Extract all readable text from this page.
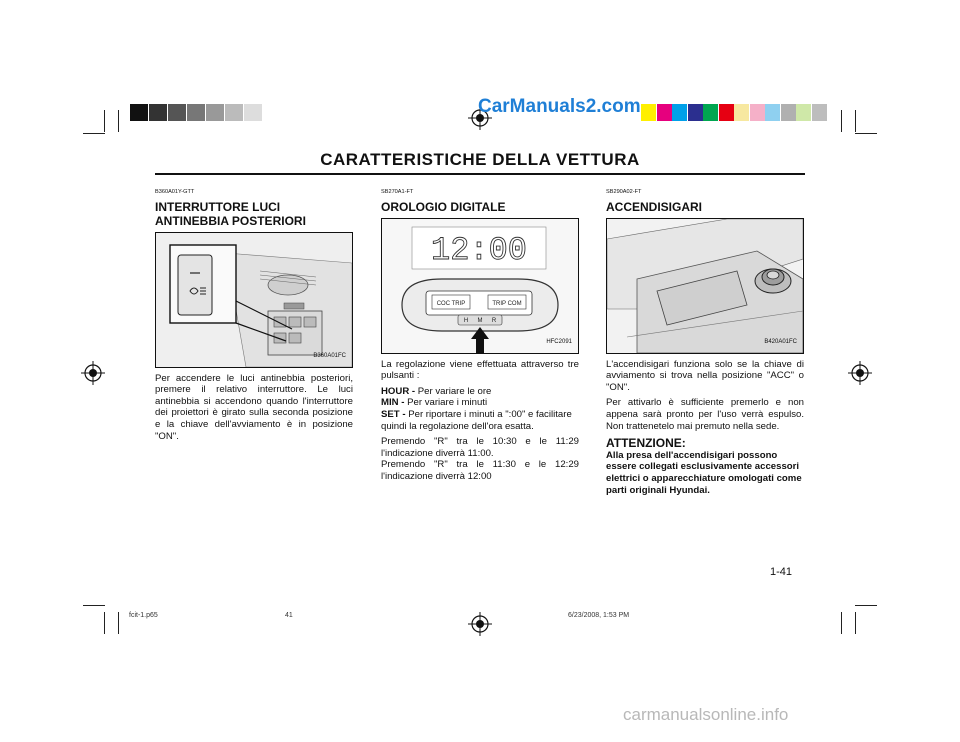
CarManuals2.com
CARATTERISTICHE DELLA VETTURA
B360A01Y-GTT
INTERRUTTORE LUCI ANTINEBBIA POSTERIORI
B360A01FC

Per accendere le luci antinebbia posteriori, premere il relativo interruttore. Le luci antinebbia si accendono quando l'interruttore dei proiettori è girato sulla seconda posizione e la chiave dell'avviamento è in posizione "ON".

SB270A1-FT
OROLOGIO DIGITALE
12:00
COC TRIP	TRIP COM
H M R
HFC2091

La regolazione viene effettuata attraverso tre pulsanti :

HOUR - Per variare le ore

MIN - Per variare i minuti

SET - Per riportare i minuti a ":00" e facilitare quindi la regolazione dell'ora esatta.

Premendo "R" tra le 10:30 e le 11:29 l'indicazione diverrà 11:00.

Premendo "R" tra le 11:30 e le 12:29 l'indicazione diverrà 12:00

SB290A02-FT
ACCENDISIGARI
B420A01FC

L'accendisigari funziona solo se la chiave di avviamento si trova nella posizione "ACC" o "ON".

Per attivarlo è sufficiente premerlo e non appena sarà pronto per l'uso verrà espulso. Non trattenetelo mai premuto nella sede.

ATTENZIONE:
Alla presa dell'accendisigari possono essere collegati esclusivamente accessori elettrici o apparecchiature omologati come parti originali Hyundai.
1-41
fcit-1.p65	41	6/23/2008, 1:53 PM
carmanualsonline.info
